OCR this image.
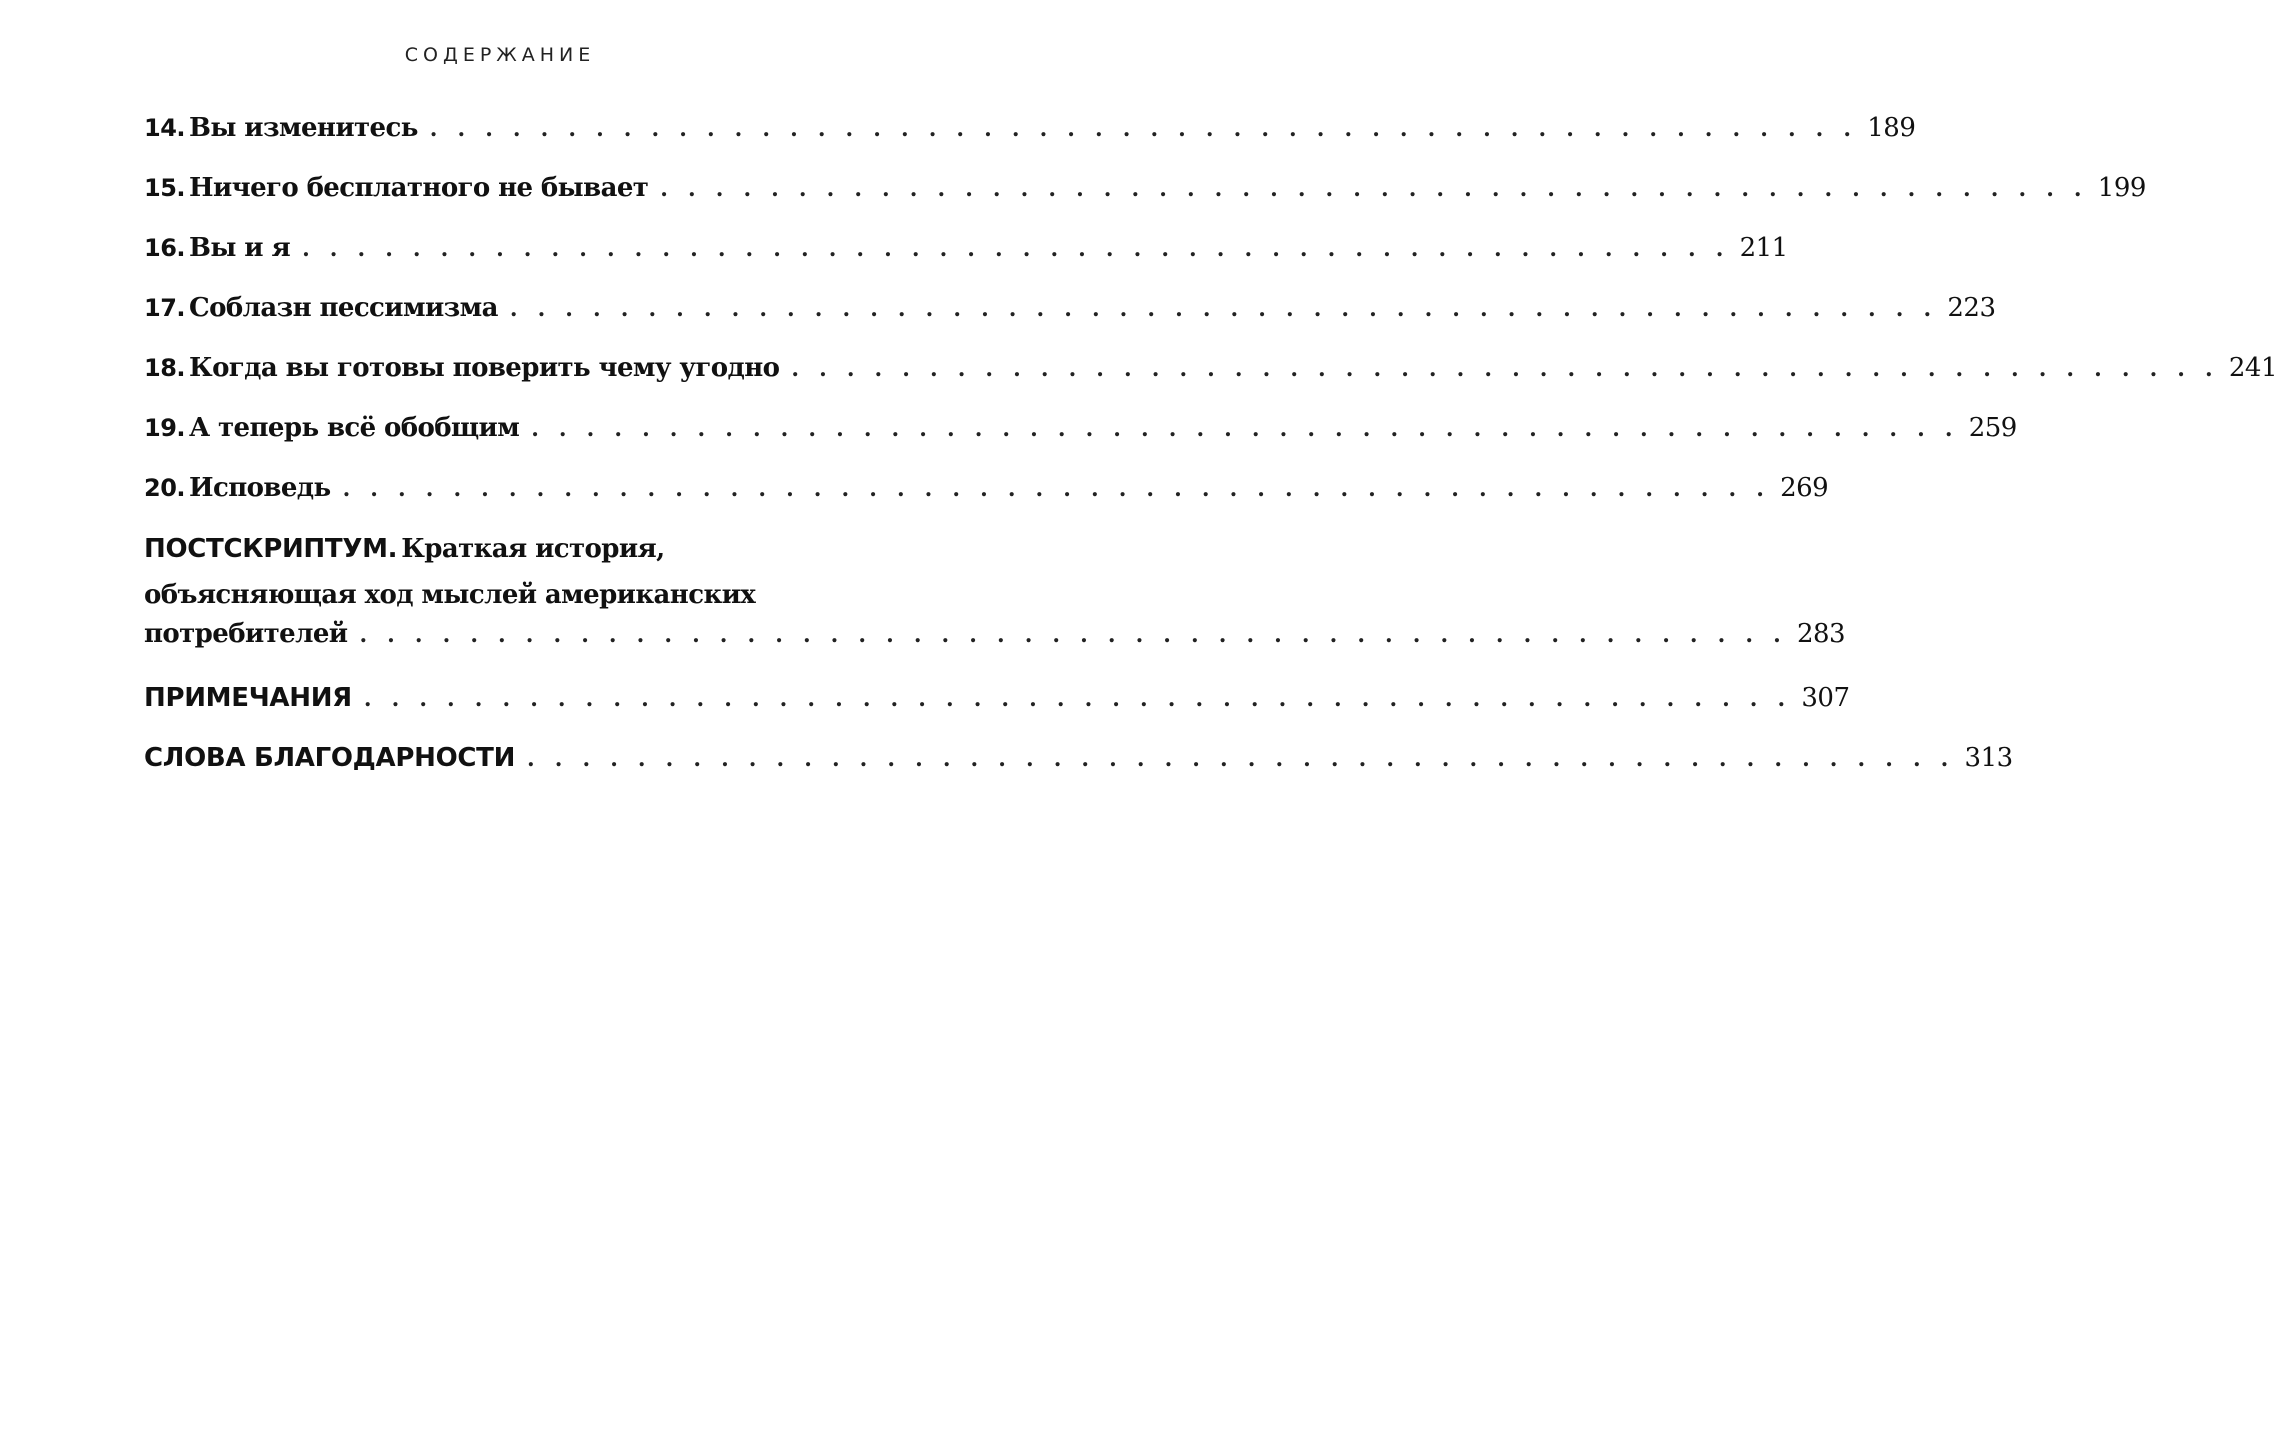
СОДЕРЖАНИЕ
14.
Вы изменитесь . . . . . . . . . . . . . . . . . . . . . . . . . . . . . . . . . . . . . . . . . . . . . . . . . . . . 189
15.
Ничего бесплатного не бывает . . . . . . . . . . . . . . . . . . . . . . . . . . . . . . . . . . . . . . . . . . . . . . . . . . . . 199
16.
Вы и я . . . . . . . . . . . . . . . . . . . . . . . . . . . . . . . . . . . . . . . . . . . . . . . . . . . . 211
17.
Соблазн пессимизма . . . . . . . . . . . . . . . . . . . . . . . . . . . . . . . . . . . . . . . . . . . . . . . . . . . . 223
18.
Когда вы готовы поверить чему угодно . . . . . . . . . . . . . . . . . . . . . . . . . . . . . . . . . . . . . . . . . . . . . . . . . . . . 241
19.
А теперь всё обобщим . . . . . . . . . . . . . . . . . . . . . . . . . . . . . . . . . . . . . . . . . . . . . . . . . . . . 259
20.
Исповедь . . . . . . . . . . . . . . . . . . . . . . . . . . . . . . . . . . . . . . . . . . . . . . . . . . . . 269
ПОСТСКРИПТУМ. Краткая история,
объясняющая ход мыслей американских
потребителей . . . . . . . . . . . . . . . . . . . . . . . . . . . . . . . . . . . . . . . . . . . . . . . . . . . . 283
ПРИМЕЧАНИЯ . . . . . . . . . . . . . . . . . . . . . . . . . . . . . . . . . . . . . . . . . . . . . . . . . . . . 307
СЛОВА БЛАГОДАРНОСТИ . . . . . . . . . . . . . . . . . . . . . . . . . . . . . . . . . . . . . . . . . . . . . . . . . . . . 313
